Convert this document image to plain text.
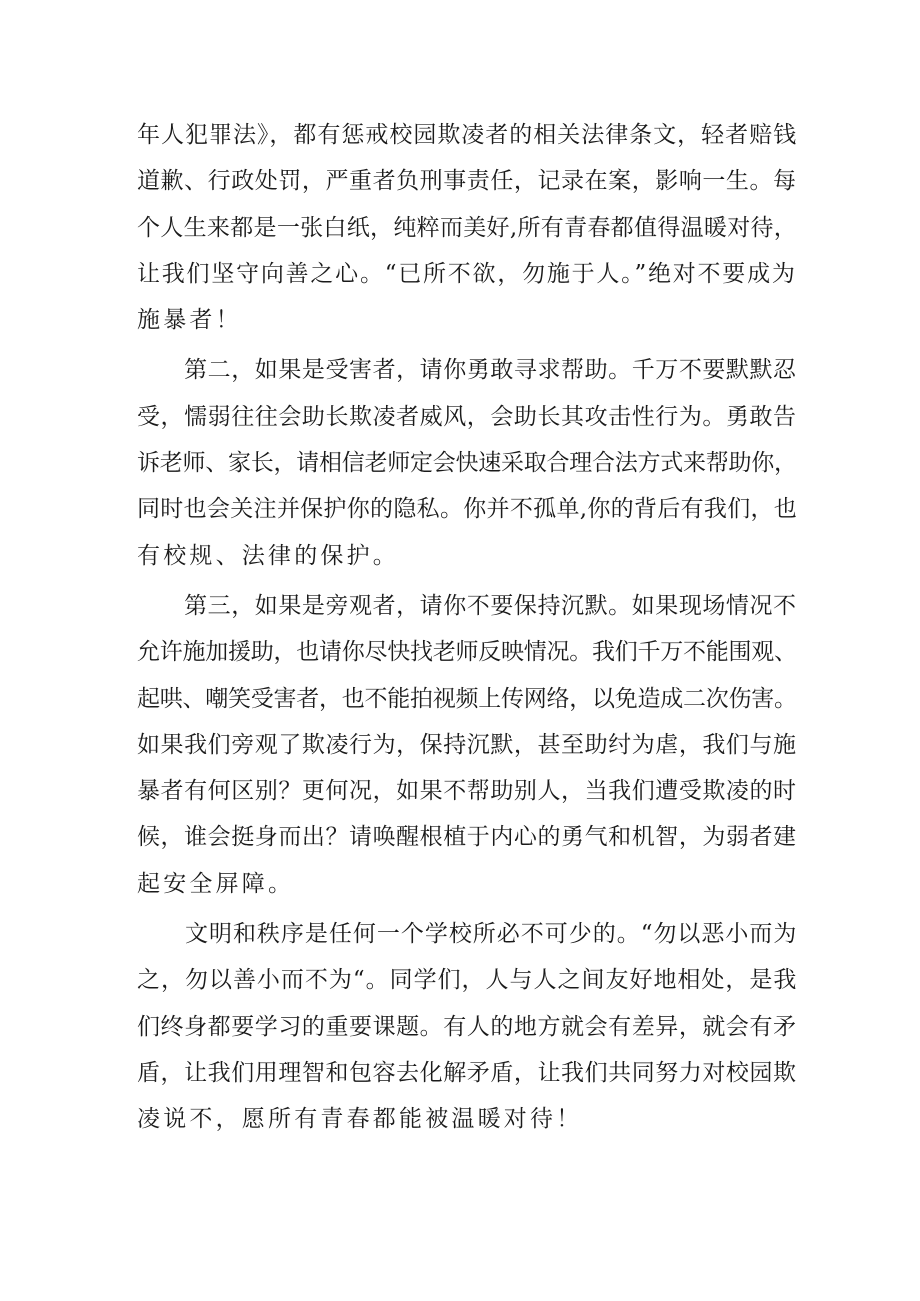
年人犯罪法》，都有惩戒校园欺凌者的相关法律条文，轻者赔钱
道歉、行政处罚，严重者负刑事责任，记录在案，影响一生。每
个人生来都是一张白纸，纯粹而美好,所有青春都值得温暖对待，
让我们坚守向善之心。“已所不欲，勿施于人。”绝对不要成为
施暴者！
　　第二，如果是受害者，请你勇敢寻求帮助。千万不要默默忍
受，懦弱往往会助长欺凌者威风，会助长其攻击性行为。勇敢告
诉老师、家长，请相信老师定会快速采取合理合法方式来帮助你，
同时也会关注并保护你的隐私。你并不孤单,你的背后有我们，也
有校规、法律的保护。
　　第三，如果是旁观者，请你不要保持沉默。如果现场情况不
允许施加援助，也请你尽快找老师反映情况。我们千万不能围观、
起哄、嘲笑受害者，也不能拍视频上传网络，以免造成二次伤害。
如果我们旁观了欺凌行为，保持沉默，甚至助纣为虐，我们与施
暴者有何区别？更何况，如果不帮助别人，当我们遭受欺凌的时
候，谁会挺身而出？请唤醒根植于内心的勇气和机智，为弱者建
起安全屏障。
　　文明和秩序是任何一个学校所必不可少的。“勿以恶小而为
之，勿以善小而不为“。同学们，人与人之间友好地相处，是我
们终身都要学习的重要课题。有人的地方就会有差异，就会有矛
盾，让我们用理智和包容去化解矛盾，让我们共同努力对校园欺
凌说不，愿所有青春都能被温暖对待！
